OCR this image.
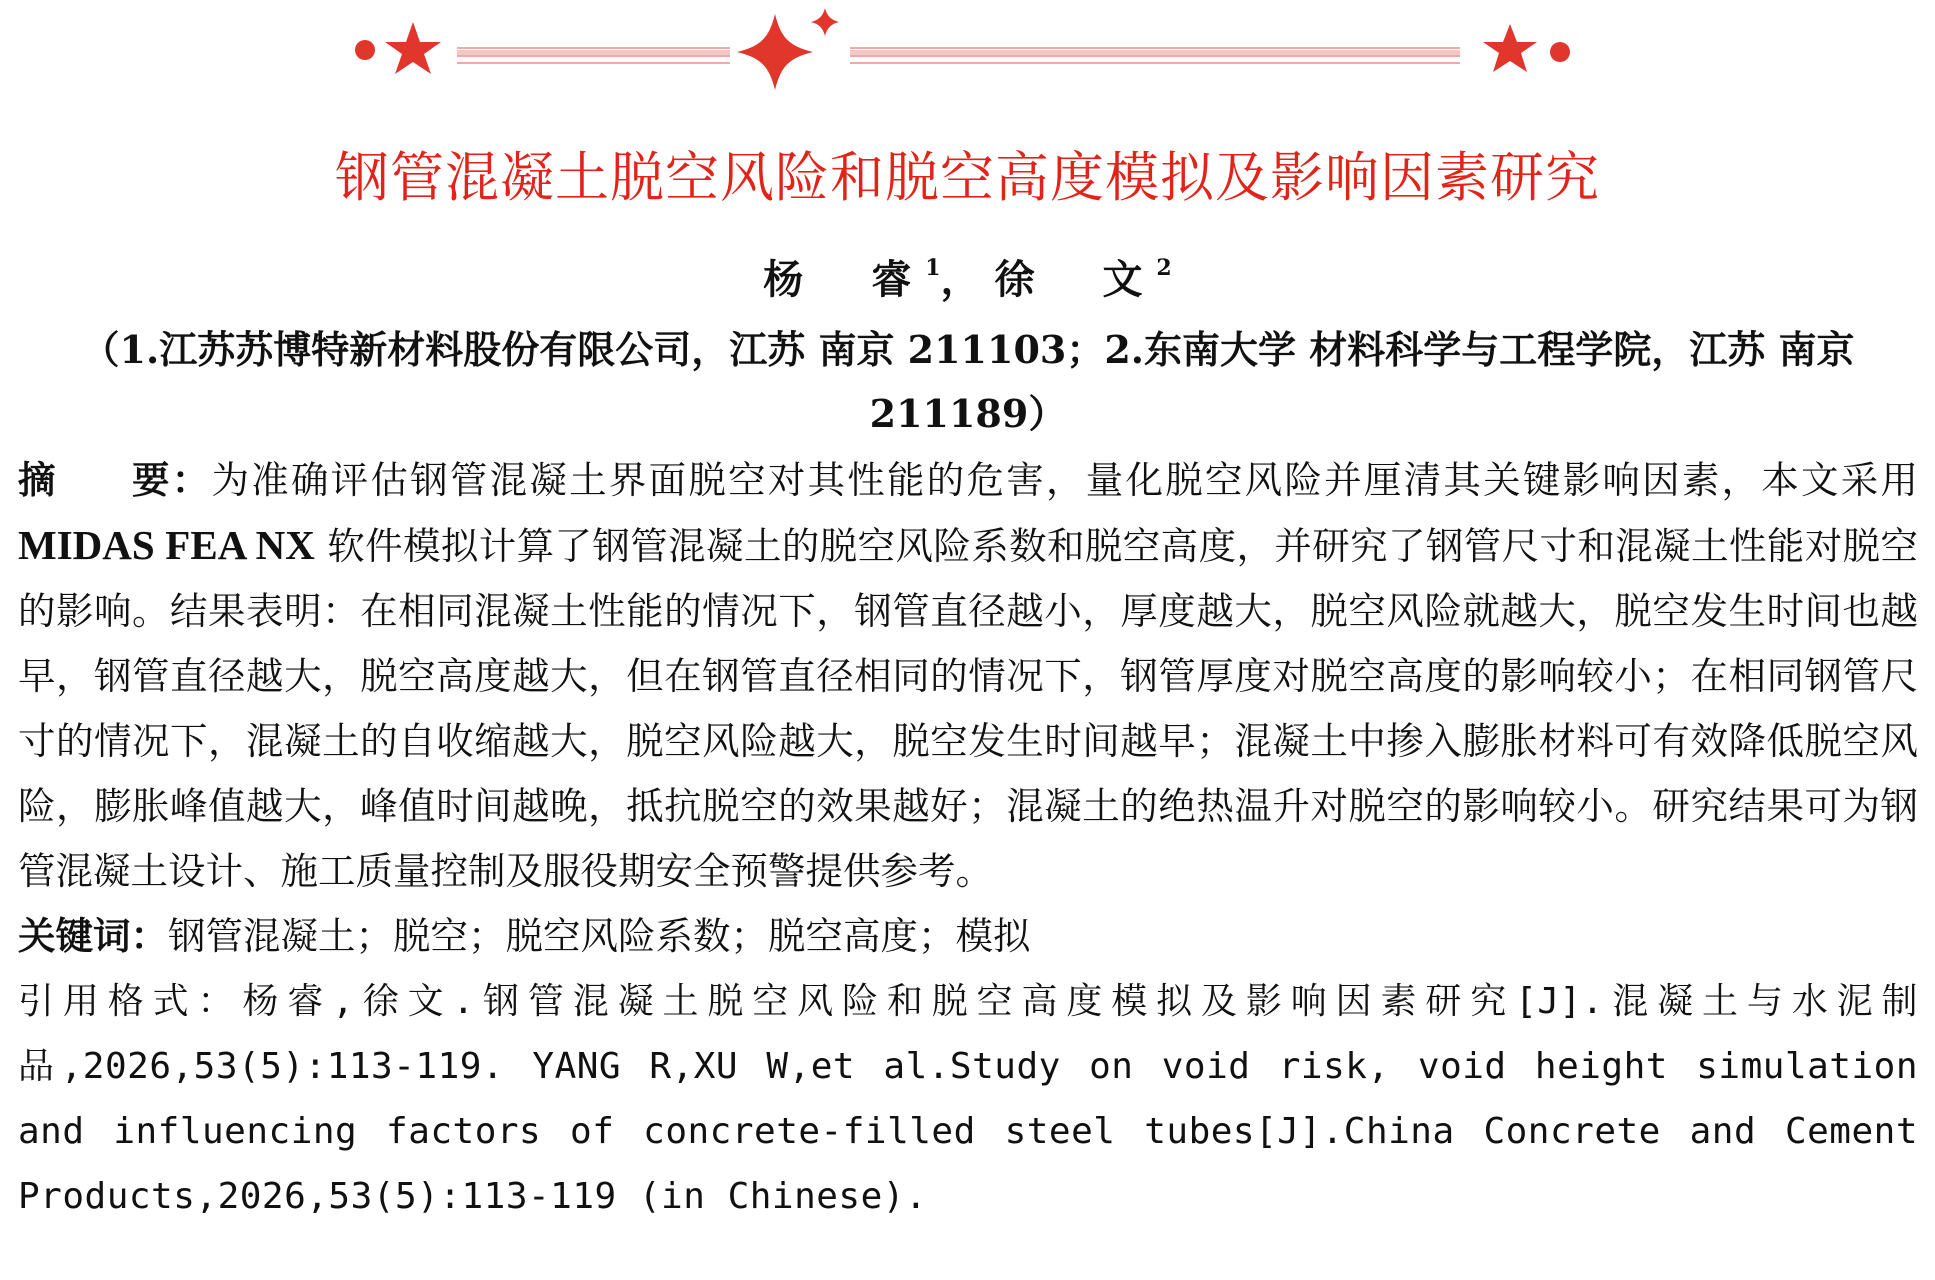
钢管混凝土脱空风险和脱空高度模拟及影响因素研究
杨 睿 $^1$， 徐 文 $^2$
（1.江苏苏博特新材料股份有限公司，江苏 南京 211103；2.东南大学 材料科学与工程学院，江苏 南京 211189）

摘 要：为准确评估钢管混凝土界面脱空对其性能的危害，量化脱空风险并厘清其关键影响因素，本文采用 MIDAS FEA NX 软件模拟计算了钢管混凝土的脱空风险系数和脱空高度，并研究了钢管尺寸和混凝土性能对脱空的影响。结果表明：在相同混凝土性能的情况下，钢管直径越小，厚度越大，脱空风险就越大，脱空发生时间也越早，钢管直径越大，脱空高度越大，但在钢管直径相同的情况下，钢管厚度对脱空高度的影响较小；在相同钢管尺寸的情况下，混凝土的自收缩越大，脱空风险越大，脱空发生时间越早；混凝土中掺入膨胀材料可有效降低脱空风险，膨胀峰值越大，峰值时间越晚，抵抗脱空的效果越好；混凝土的绝热温升对脱空的影响较小。研究结果可为钢管混凝土设计、施工质量控制及服役期安全预警提供参考。

关键词：钢管混凝土；脱空；脱空风险系数；脱空高度；模拟

引用格式：杨睿,徐文.钢管混凝土脱空风险和脱空高度模拟及影响因素研究[J].混凝土与水泥制品,2026,53(5):113-119. YANG R,XU W,et al.Study on void risk, void height simulation and influencing factors of concrete-filled steel tubes[J].China Concrete and Cement Products,2026,53(5):113-119 (in Chinese).
